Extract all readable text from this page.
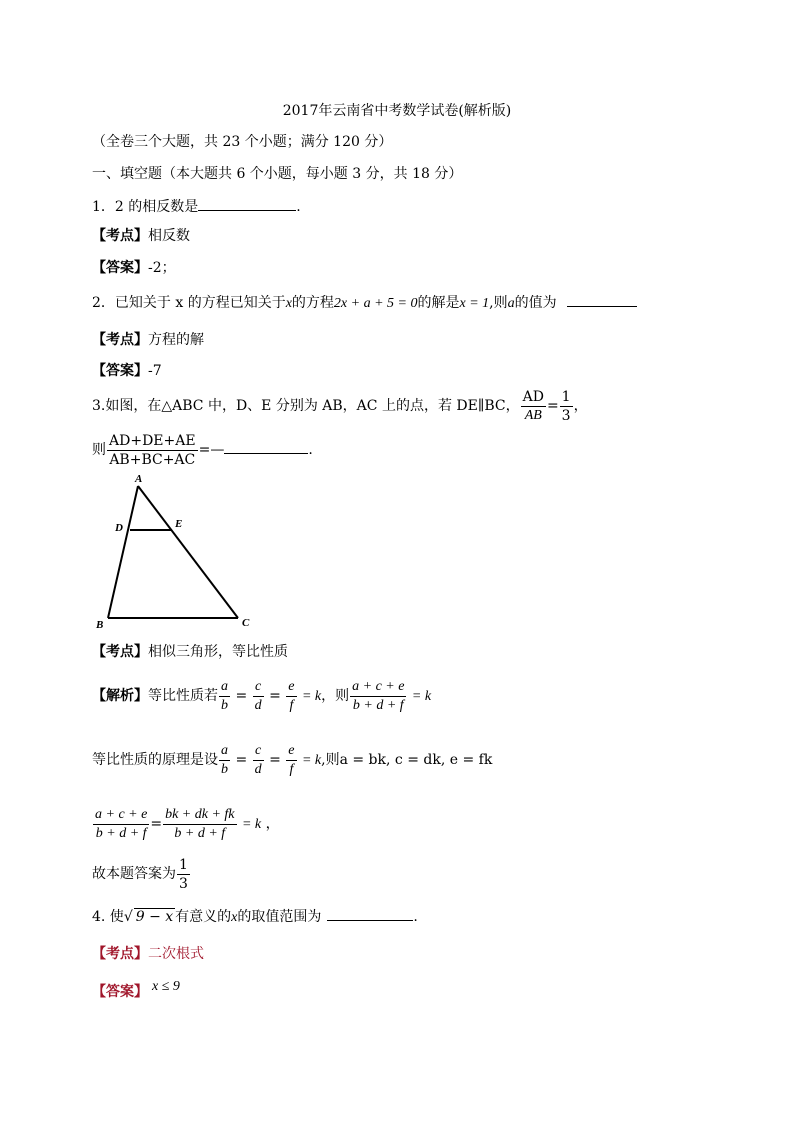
2017年云南省中考数学试卷(解析版)
（全卷三个大题，共 23 个小题；满分 120 分）
一、填空题（本大题共 6 个小题，每小题 3 分，共 18 分）
1．2 的相反数是	.
【考点】相反数
【答案】-2；
2．已知关于 x 的方程已知关于x的方程2x + a + 5 = 0的解是x = 1,则a的值为
【考点】方程的解
【答案】-7
3.如图，在△ABC 中，D、E 分别为 AB，AC 上的点，若 DE∥BC， $\frac{AD}{AB} = \frac{1}{3}$ ，
则 $\frac{AD+DE+AE}{AB+BC+AC}$ =—	.
A
D	E
B	C
【考点】相似三角形，等比性质
【解析】等比性质若 $\frac{a}{b} = \frac{c}{d} = \frac{e}{f} = k$，则 $\frac{a + c + e}{b + d + f} = k$
等比性质的原理是设 $\frac{a}{b} = \frac{c}{d} = \frac{e}{f} = k$,则a = bk, c = dk, e = fk
$\frac{a + c + e}{b + d + f} = \frac{bk + dk + fk}{b + d + f} = k$ ，
故本题答案为 $\frac{1}{3}$
4. 使√ 9 − x 有意义的x的取值范围为	.
【考点】二次根式
【答案】 x ≤ 9
